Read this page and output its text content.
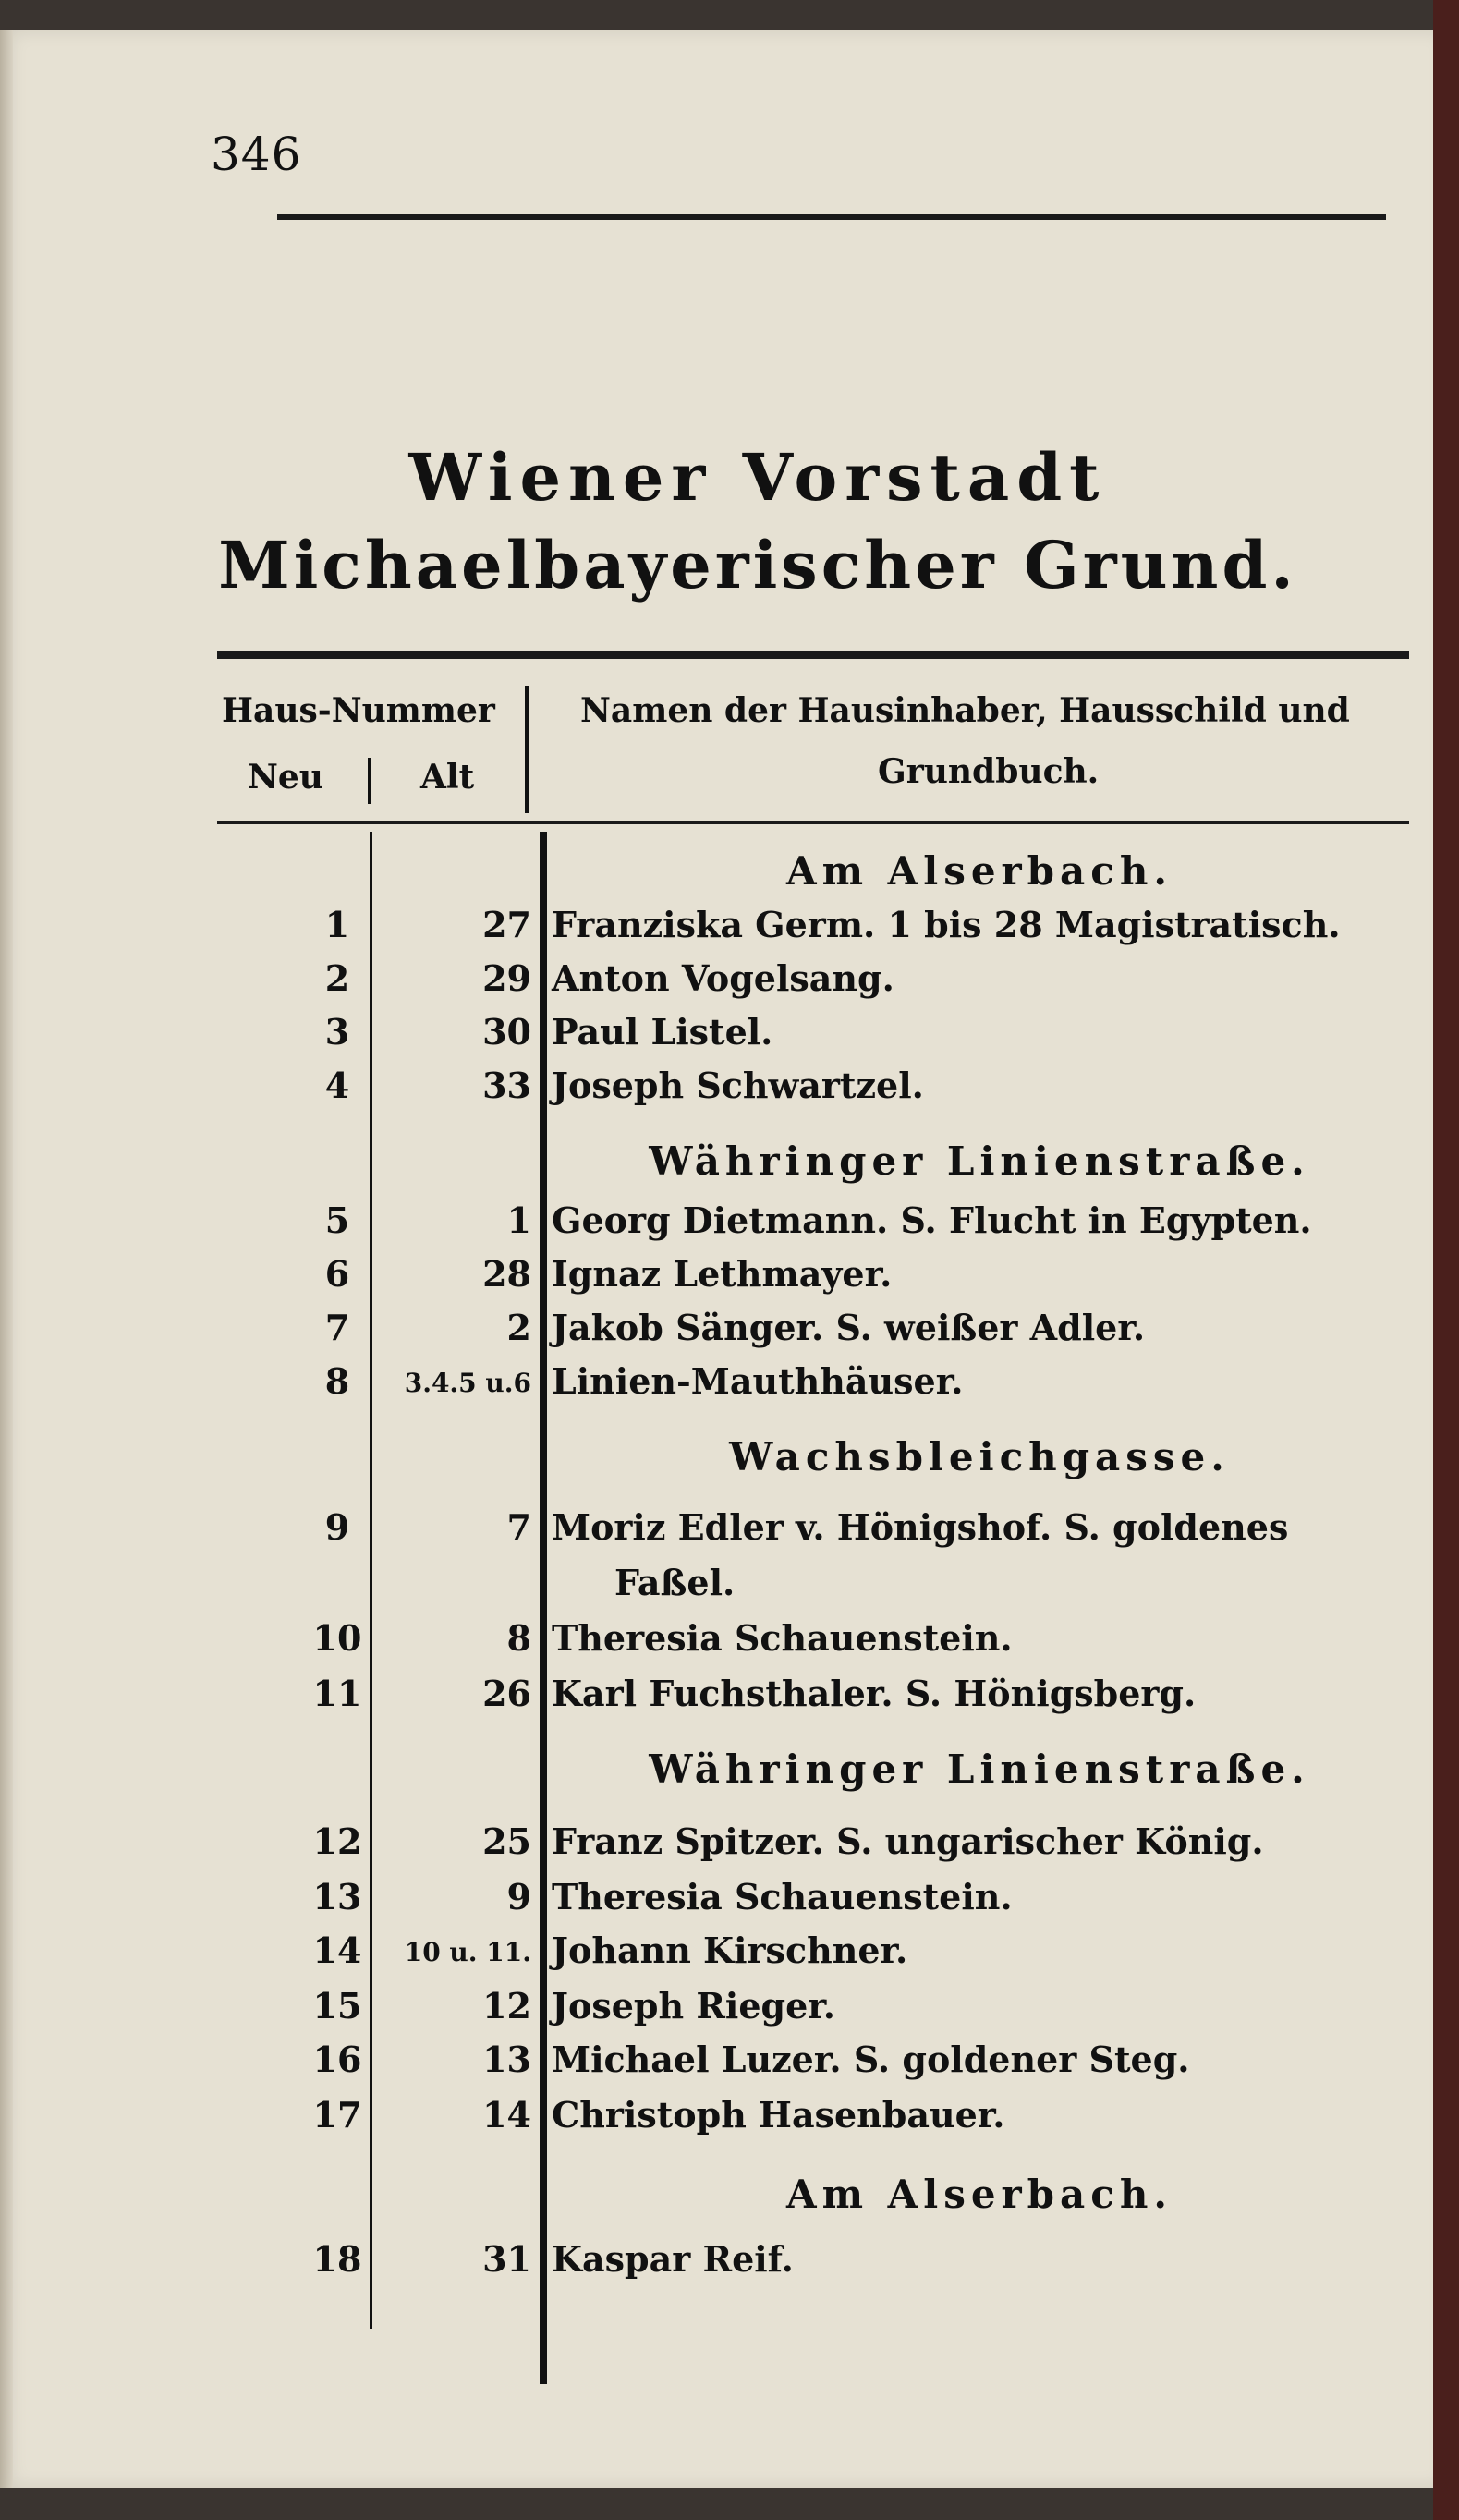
346
Wiener Vorstadt
Michaelbayerischer Grund.
Haus-Nummer
Neu	Alt
Namen der Hausinhaber, Hausschild und
Grundbuch.
Am Alserbach.
1	27 Franziska Germ. 1 bis 28 Magistratisch.
2	29 Anton Vogelsang.
3	30 Paul Listel.
4	33 Joseph Schwartzel.
Währinger Linienstraße.
5	1 Georg Dietmann. S. Flucht in Egypten.
6	28 Ignaz Lethmayer.
7	2 Jakob Sänger. S. weißer Adler.
8	3.4.5 u.6 Linien-Mauthhäuser.
Wachsbleichgasse.
9	7 Moriz Edler v. Hönigshof. S. goldenes
Faßel.
10	8 Theresia Schauenstein.
11	26 Karl Fuchsthaler. S. Hönigsberg.
Währinger Linienstraße.
12	25 Franz Spitzer. S. ungarischer König.
13	9 Theresia Schauenstein.
14	10 u. 11. Johann Kirschner.
15	12 Joseph Rieger.
16	13 Michael Luzer. S. goldener Steg.
17	14 Christoph Hasenbauer.
Am Alserbach.
18	31 Kaspar Reif.
